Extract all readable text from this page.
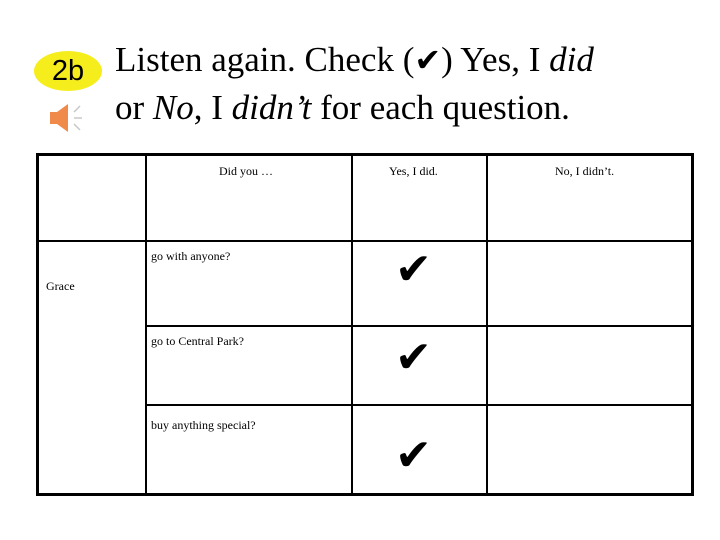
2b Listen again. Check (✔) Yes, I did
or No, I didn’t for each question.

Did you …	Yes, I did.	No, I didn’t.
Grace
go with anyone?
go to Central Park?
buy anything special?
✔
✔
✔
